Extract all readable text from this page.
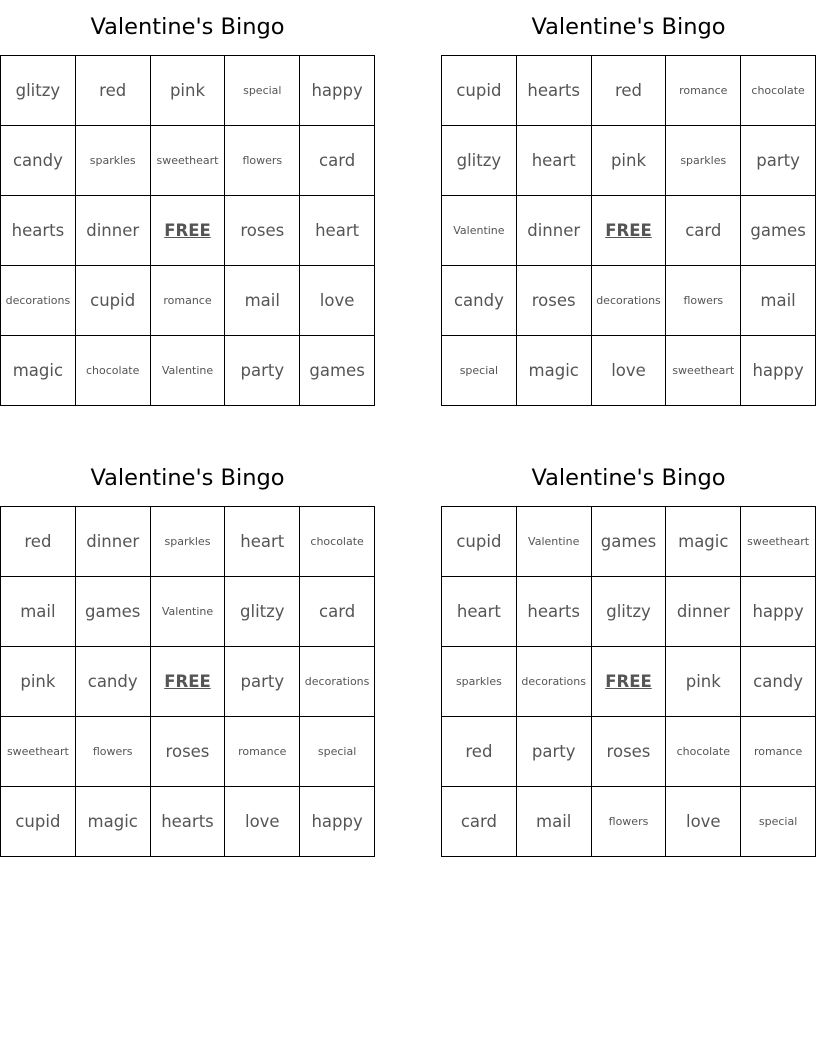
Valentine's Bingo
glitzy	red	pink	special	happy
candy	sparkles	sweetheart	flowers	card
hearts	dinner	FREE	roses	heart
decorations	cupid	romance	mail	love
magic	chocolate	Valentine	party	games
Valentine's Bingo
cupid	hearts	red	romance	chocolate
glitzy	heart	pink	sparkles	party
Valentine	dinner	FREE	card	games
candy	roses	decorations	flowers	mail
special	magic	love	sweetheart	happy
Valentine's Bingo
red	dinner	sparkles	heart	chocolate
mail	games	Valentine	glitzy	card
pink	candy	FREE	party	decorations
sweetheart	flowers	roses	romance	special
cupid	magic	hearts	love	happy
Valentine's Bingo
cupid	Valentine	games	magic	sweetheart
heart	hearts	glitzy	dinner	happy
sparkles	decorations	FREE	pink	candy
red	party	roses	chocolate	romance
card	mail	flowers	love	special
